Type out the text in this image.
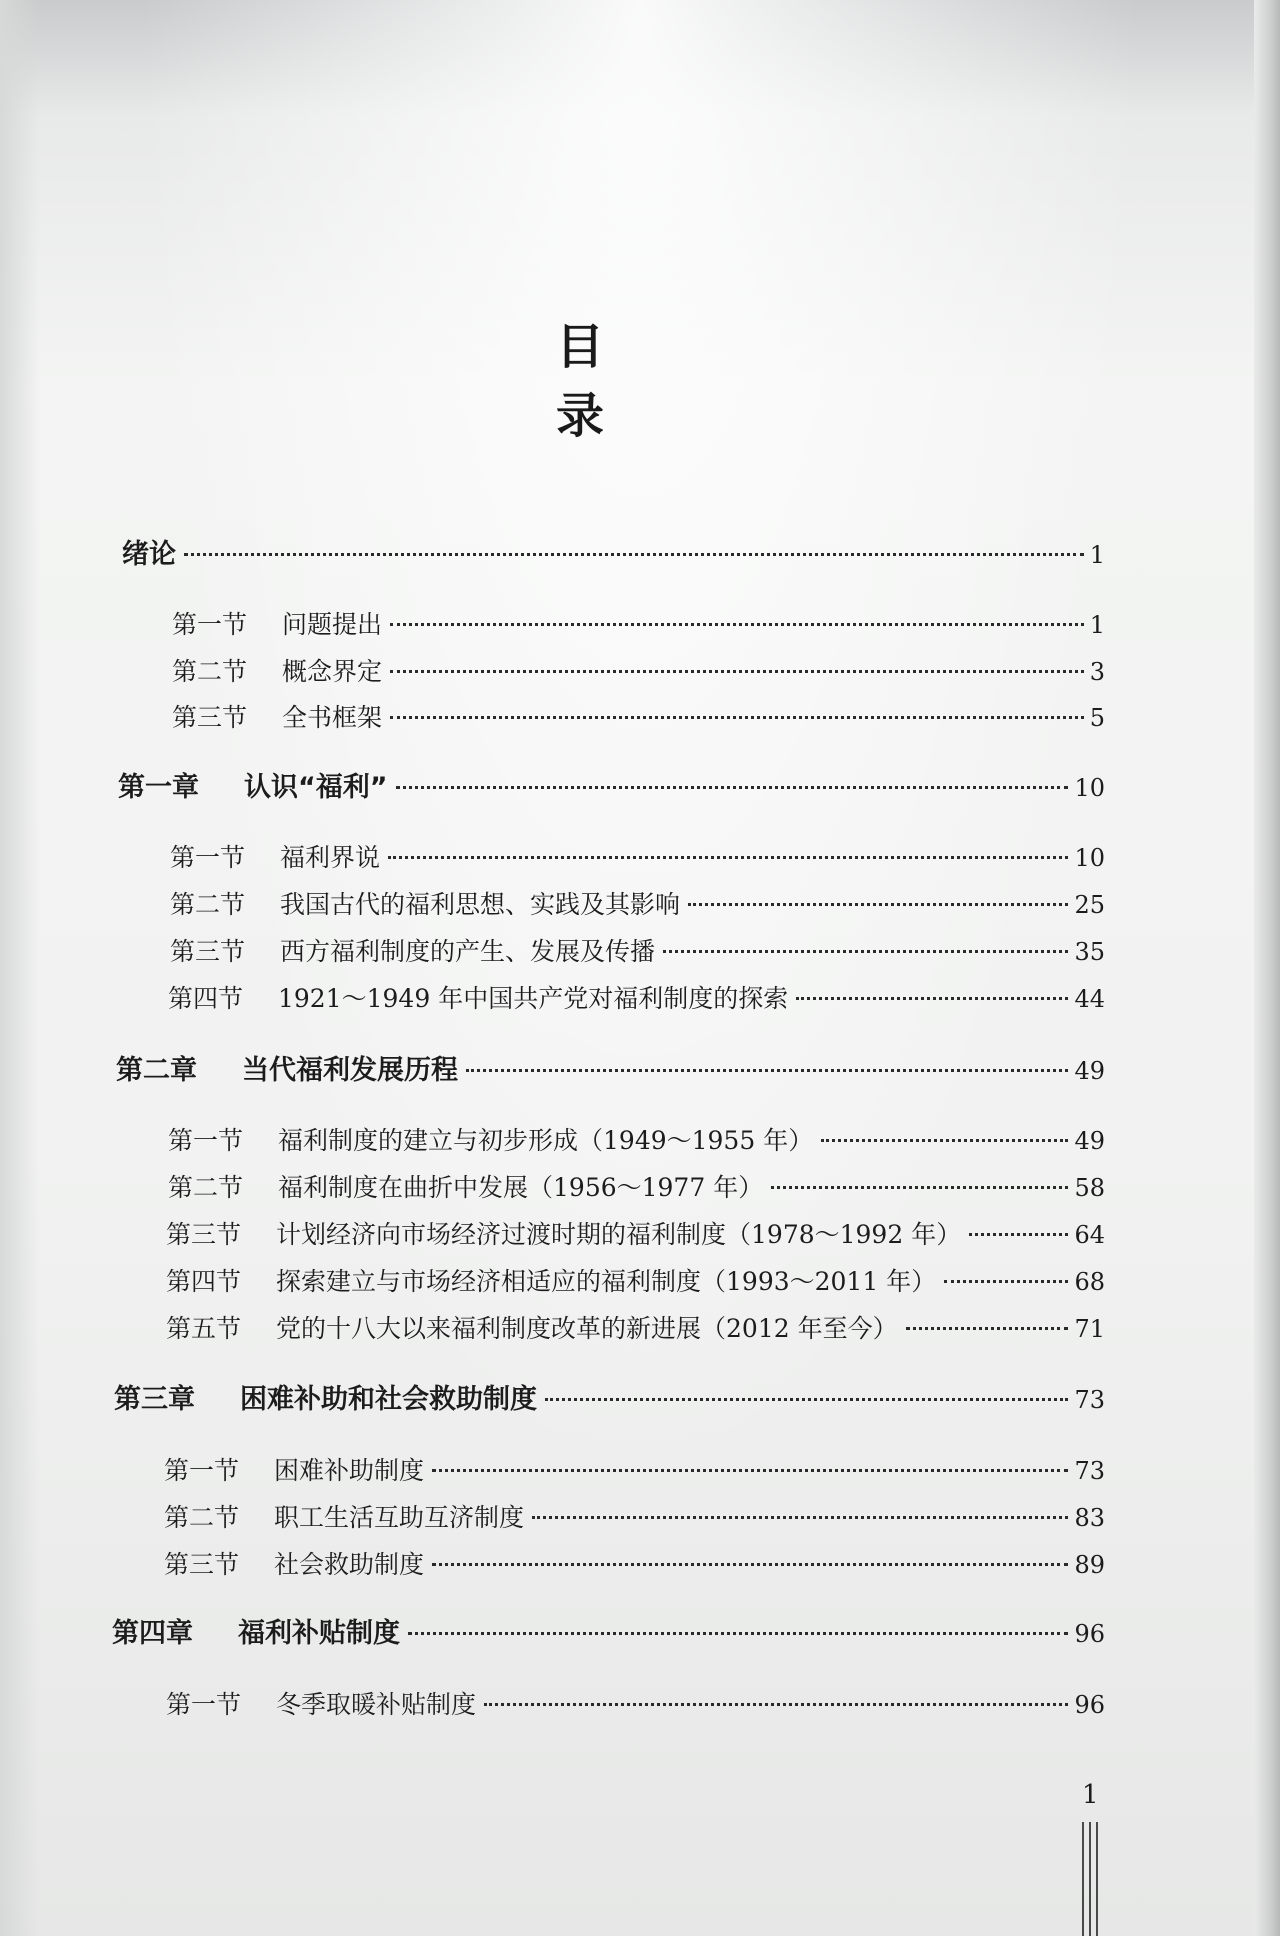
目 录
绪论	1
第一节 问题提出	1
第二节 概念界定	3
第三节 全书框架	5
第一章 认识“福利”	10
第一节 福利界说	10
第二节 我国古代的福利思想、实践及其影响	25
第三节 西方福利制度的产生、发展及传播	35
第四节 1921～1949 年中国共产党对福利制度的探索	44
第二章 当代福利发展历程	49
第一节 福利制度的建立与初步形成（1949～1955 年）	49
第二节 福利制度在曲折中发展（1956～1977 年）	58
第三节 计划经济向市场经济过渡时期的福利制度（1978～1992 年）	64
第四节 探索建立与市场经济相适应的福利制度（1993～2011 年）	68
第五节 党的十八大以来福利制度改革的新进展（2012 年至今）	71
第三章 困难补助和社会救助制度	73
第一节 困难补助制度	73
第二节 职工生活互助互济制度	83
第三节 社会救助制度	89
第四章 福利补贴制度	96
第一节 冬季取暖补贴制度	96
1
